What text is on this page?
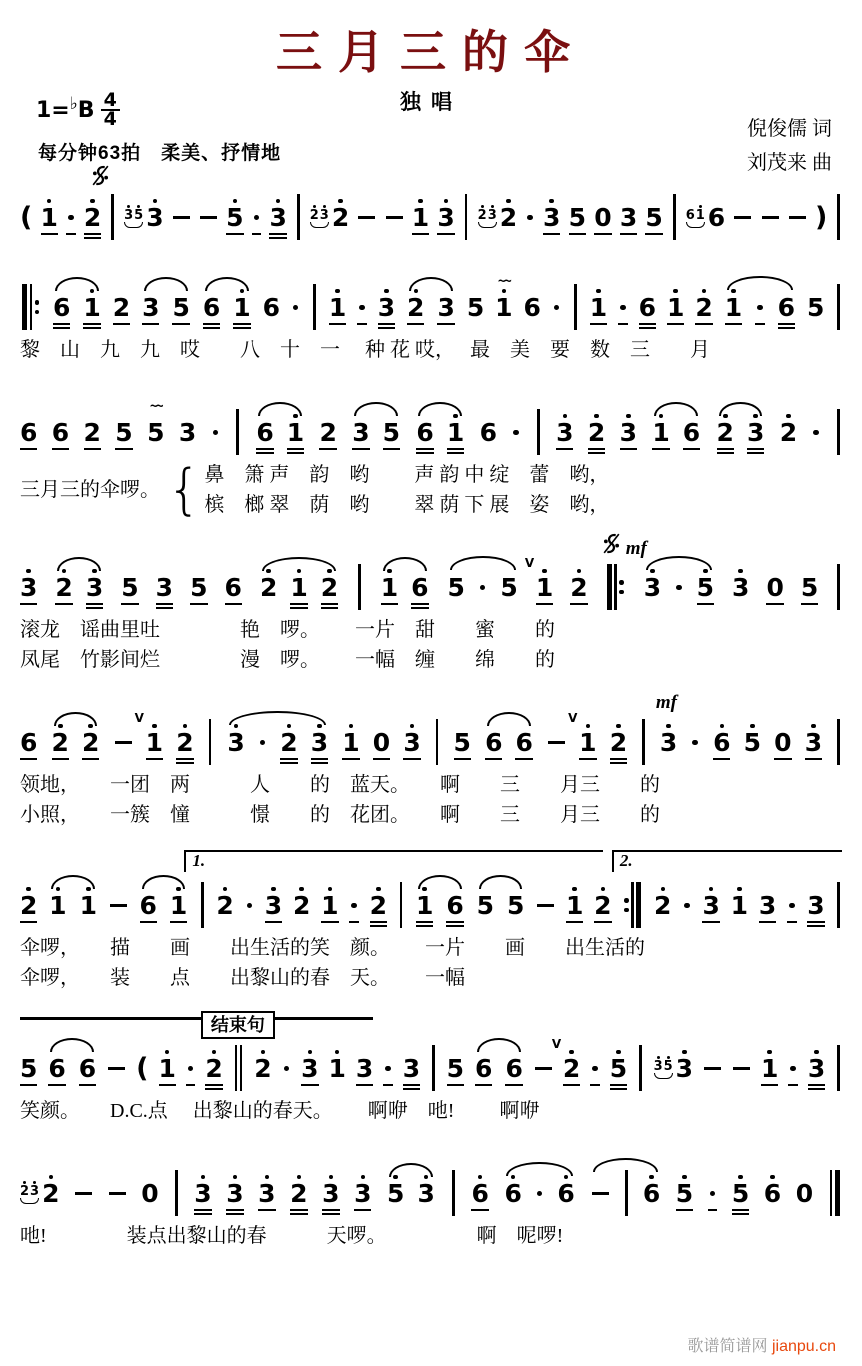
三月三的伞
独唱
1= ♭ B $\frac{4}{4}$
每分钟63拍　 柔美、抒情地
倪俊儒 词
刘茂来 曲
( 1 2 3 5 3	5 3 2 3 2	1 3 2 3 2 3 5 0 3 5 6 1 6	)
6 1 2 3 5 6 1 6 1 3 2 3 5 1
~~
6 1 6 1 2 1 6 5
黎　山　九　九　哎　　八　十　一　 种 花 哎，　 最　美　要　数　三　　月
6 6 2 5 5
~~
3 6 1 2 3 5 6 1 6 3 2 3 1 6 2 3 2
三月三的伞啰。 { 鼻　箫 声　韵　哟　　 声 韵 中 绽　蕾　哟，
槟　榔 翠　荫　哟　　 翠 荫 下 展　姿　哟，
3 2 3 5 3 5 6 2 1 2 1 6 5 5 1
V
2
mf
3 5 3 0 5
滚龙　谣曲里吐　　　　艳　啰。　　 一片　甜　　蜜　　的
凤尾　竹影间烂　　　　漫　啰。　　 一幅　缠　　绵　　的
6 2 2 1
V
2 3 2 3 1 0 3 5 6 6 1
V
2 3
mf
6 5 0 3
领地，　　一团　两　　　人　　的　蓝天。　　啊　　三　　月三　　的
小照，　　一簇　憧　　　憬　　的　花团。　　啊　　三　　月三　　的
2 1 1 6 1 2 3 2 1 2 1 6 5 5 1 2 2 3 1 3 3
1.	2.
伞啰，　　描　　画　　出生活的笑　颜。　　 一片　　画　　出生活的
伞啰，　　装　　点　　出黎山的春　天。　　 一幅
5 6 6 ( 1 2 2 3 1 3 3 5 6 6 2
V
5 3 5 3	1 3
结束句
笑颜。　　D.C.点　 出黎山的春天。　　 啊咿　吔!　　 啊咿
2 3 2	0 3 3 3 2 3 3 5 3 6 6 6	6 5 5 6 0
吔!　　　　装点出黎山的春　　　天啰。　　　　　啊　呢啰!
歌谱简谱网 jianpu.cn
